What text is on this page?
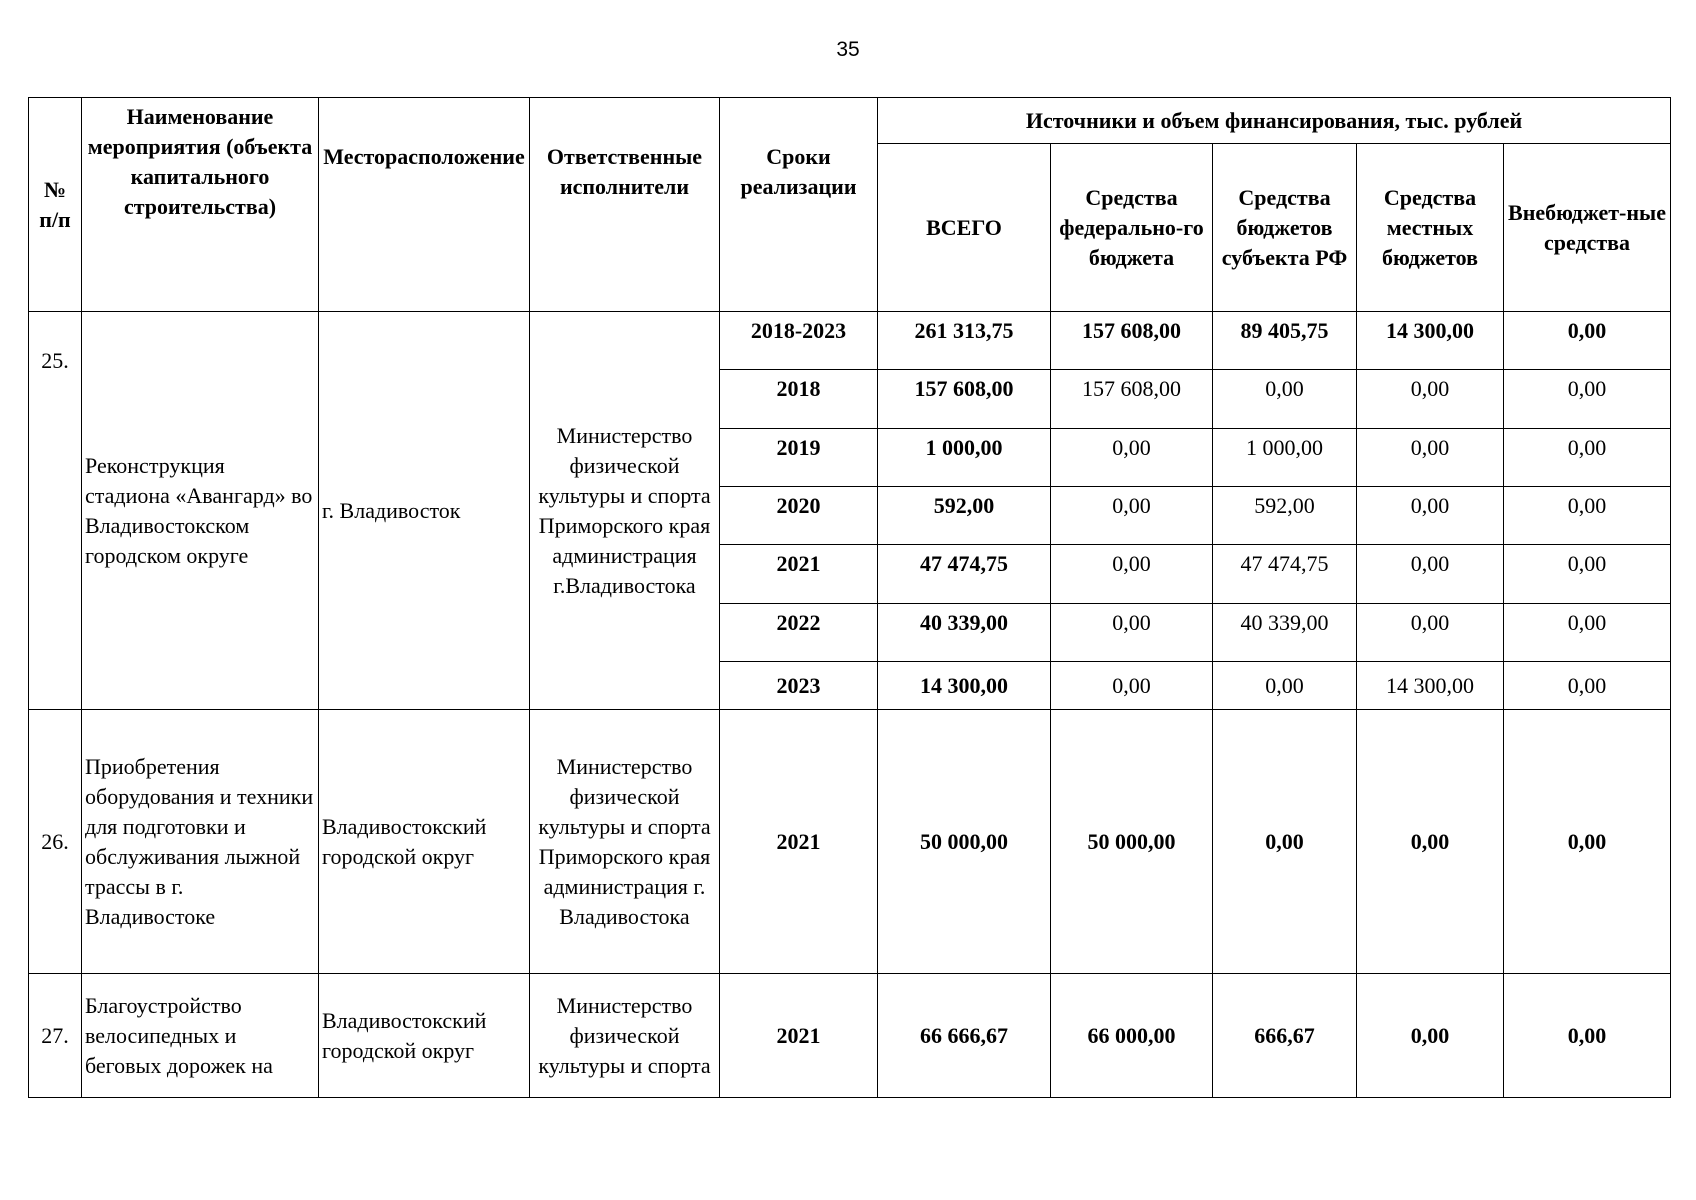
35
№ п/п	Наименование мероприятия (объекта капитального строительства)	Месторасположение	Ответственные исполнители	Сроки реализации	Источники и объем финансирования, тыс. рублей				
					ВСЕГО	Средства федерально-го бюджета	Средства бюджетов субъекта РФ	Средства местных бюджетов	Внебюджет-ные средства
25.	Реконструкция стадиона «Авангард» во Владивостокском городском округе	г. Владивосток	Министерство физической культуры и спорта Приморского края администрация г.Владивостока	2018-2023	261 313,75	157 608,00	89 405,75	14 300,00	0,00
				2018	157 608,00	157 608,00	0,00	0,00	0,00
				2019	1 000,00	0,00	1 000,00	0,00	0,00
				2020	592,00	0,00	592,00	0,00	0,00
				2021	47 474,75	0,00	47 474,75	0,00	0,00
				2022	40 339,00	0,00	40 339,00	0,00	0,00
				2023	14 300,00	0,00	0,00	14 300,00	0,00
26.	Приобретения оборудования и техники для подготовки и обслуживания лыжной трассы в г. Владивостоке	Владивостокский городской округ	Министерство физической культуры и спорта Приморского края администрация г. Владивостока	2021	50 000,00	50 000,00	0,00	0,00	0,00
27.	Благоустройство велосипедных и беговых дорожек на	Владивостокский городской округ	Министерство физической культуры и спорта	2021	66 666,67	66 000,00	666,67	0,00	0,00
